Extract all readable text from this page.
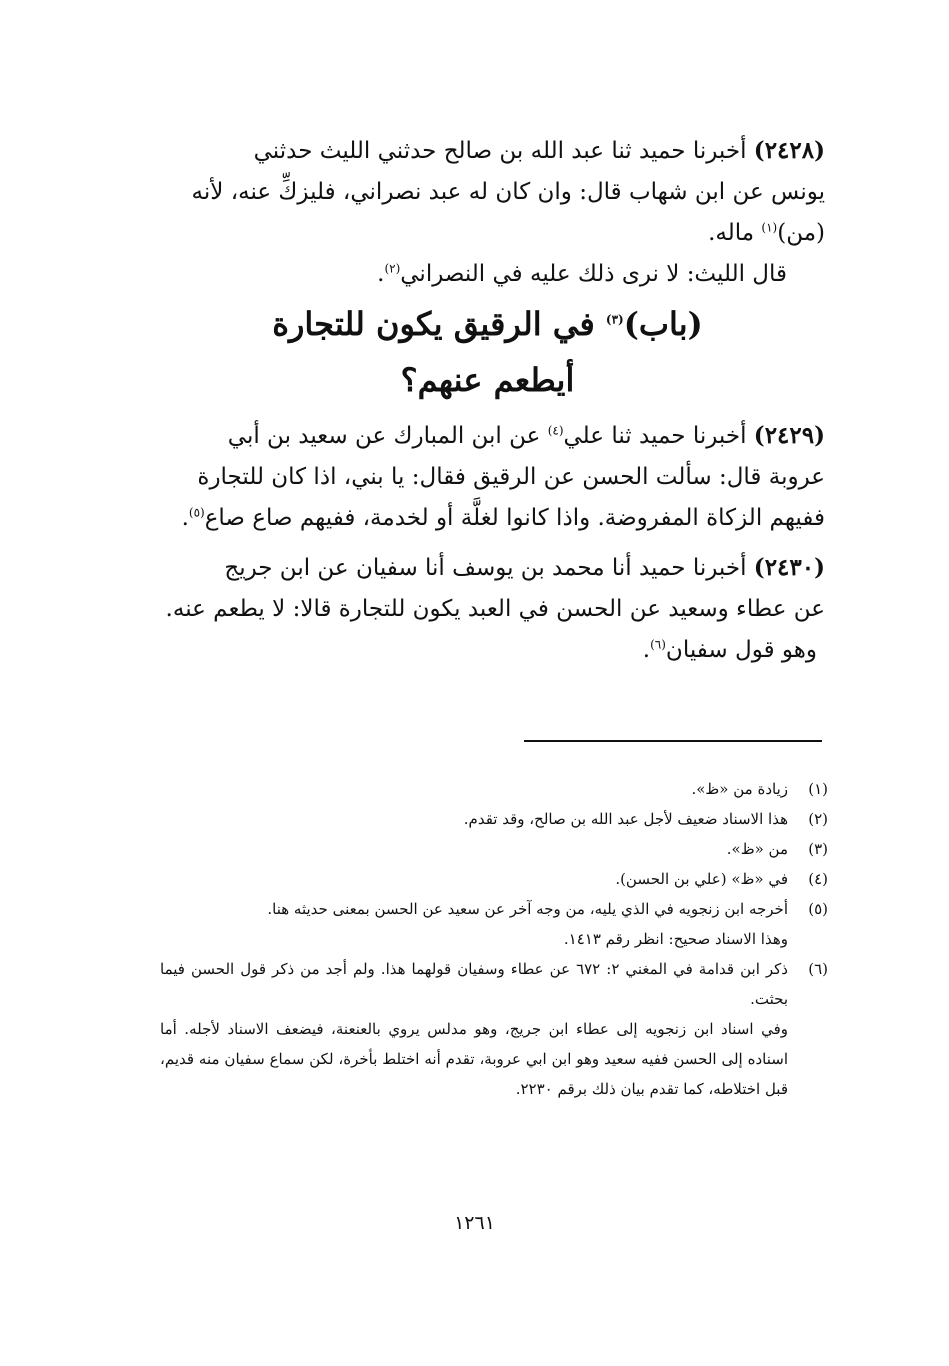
(٢٤٢٨) أخبرنا حميد ثنا عبد الله بن صالح حدثني الليث حدثني

يونس عن ابن شهاب قال: وان كان له عبد نصراني، فليزكِّ عنه، لأنه

(من)$^{(١)}$ ماله.

قال الليث: لا نرى ذلك عليه في النصراني$^{(٢)}$.

(باب)$^{(٣)}$ في الرقيق يكون للتجارة
أيطعم عنهم؟

(٢٤٢٩) أخبرنا حميد ثنا علي$^{(٤)}$ عن ابن المبارك عن سعيد بن أبي

عروبة قال: سألت الحسن عن الرقيق فقال: يا بني، اذا كان للتجارة

ففيهم الزكاة المفروضة. واذا كانوا لغلَّة أو لخدمة، ففيهم صاع صاع$^{(٥)}$.

(٢٤٣٠) أخبرنا حميد أنا محمد بن يوسف أنا سفيان عن ابن جريج

عن عطاء وسعيد عن الحسن في العبد يكون للتجارة قالا: لا يطعم عنه.

وهو قول سفيان$^{(٦)}$.

(١)
زيادة من «ظ».
(٢)
هذا الاسناد ضعيف لأجل عبد الله بن صالح، وقد تقدم.
(٣)
من «ظ».
(٤)
في «ظ» (علي بن الحسن).
(٥)
أخرجه ابن زنجويه في الذي يليه، من وجه آخر عن سعيد عن الحسن بمعنى حديثه هنا.
وهذا الاسناد صحيح: انظر رقم ١٤١٣.
(٦)
ذكر ابن قدامة في المغني ٢: ٦٧٢ عن عطاء وسفيان قولهما هذا. ولم أجد من ذكر قول الحسن فيما بحثت.
وفي اسناد ابن زنجويه إلى عطاء ابن جريج، وهو مدلس يروي بالعنعنة، فيضعف الاسناد لأجله. أما اسناده إلى الحسن ففيه سعيد وهو ابن ابي عروبة، تقدم أنه اختلط بأخرة، لكن سماع سفيان منه قديم، قبل اختلاطه، كما تقدم بيان ذلك برقم ٢٢٣٠.
١٢٦١
